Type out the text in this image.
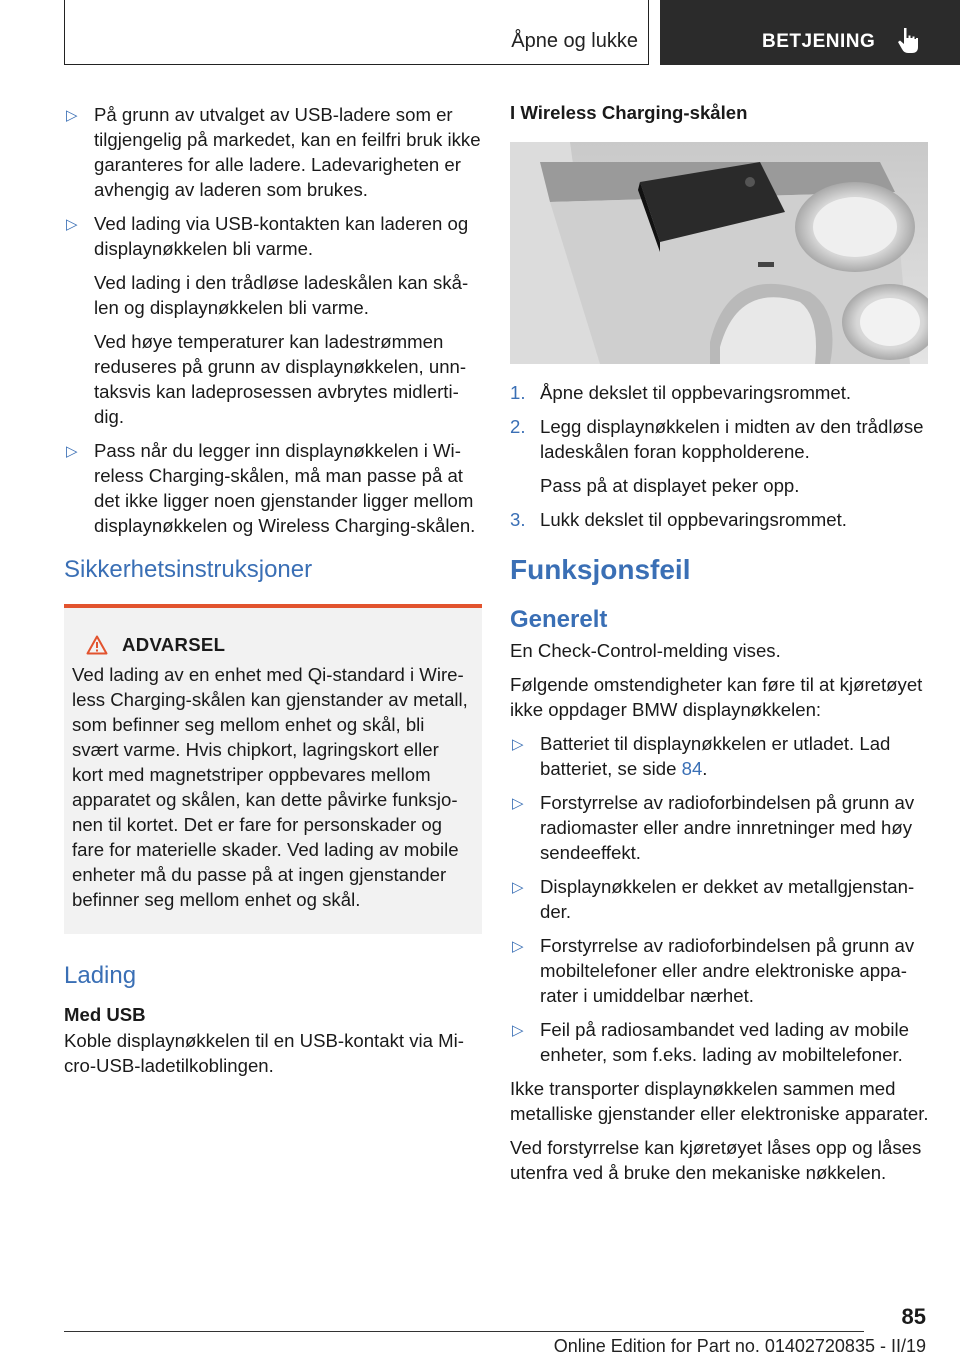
Åpne og lukke	BETJENING
▷ På grunn av utvalget av USB-ladere som er tilgjengelig på markedet, kan en feilfri bruk ikke garanteres for alle ladere. Ladevarigheten er avhengig av laderen som brukes.

▷ Ved lading via USB-kontakten kan laderen og displaynøkkelen bli varme.

Ved lading i den trådløse ladeskålen kan skålen og displaynøkkelen bli varme.

Ved høye temperaturer kan ladestrømmen reduseres på grunn av displaynøkkelen, unntaksvis kan ladeprosessen avbrytes midlertidig.

▷ Pass når du legger inn displaynøkkelen i Wireless Charging-skålen, må man passe på at det ikke ligger noen gjenstander ligger mellom displaynøkkelen og Wireless Charging-skålen.

Sikkerhetsinstruksjoner
ADVARSEL

Ved lading av en enhet med Qi-standard i Wireless Charging-skålen kan gjenstander av metall, som befinner seg mellom enhet og skål, bli svært varme. Hvis chipkort, lagringskort eller kort med magnetstriper oppbevares mellom apparatet og skålen, kan dette påvirke funksjonen til kortet. Det er fare for personskader og fare for materielle skader. Ved lading av mobile enheter må du passe på at ingen gjenstander befinner seg mellom enhet og skål.

Lading
Med USB

Koble displaynøkkelen til en USB-kontakt via Micro-USB-ladetilkoblingen.

I Wireless Charging-skålen
1. Åpne dekslet til oppbevaringsrommet.

2. Legg displaynøkkelen i midten av den trådløse ladeskålen foran koppholderene.

Pass på at displayet peker opp.

3. Lukk dekslet til oppbevaringsrommet.

Funksjonsfeil
Generelt

En Check-Control-melding vises.

Følgende omstendigheter kan føre til at kjøretøyet ikke oppdager BMW displaynøkkelen:

▷ Batteriet til displaynøkkelen er utladet. Lad batteriet, se side 84.

▷ Forstyrrelse av radioforbindelsen på grunn av radiomaster eller andre innretninger med høy sendeeffekt.

▷ Displaynøkkelen er dekket av metallgjenstander.

▷ Forstyrrelse av radioforbindelsen på grunn av mobiltelefoner eller andre elektroniske apparater i umiddelbar nærhet.

▷ Feil på radiosambandet ved lading av mobile enheter, som f.eks. lading av mobiltelefoner.

Ikke transporter displaynøkkelen sammen med metalliske gjenstander eller elektroniske apparater.

Ved forstyrrelse kan kjøretøyet låses opp og låses utenfra ved å bruke den mekaniske nøkkelen.

85
Online Edition for Part no. 01402720835 - II/19
